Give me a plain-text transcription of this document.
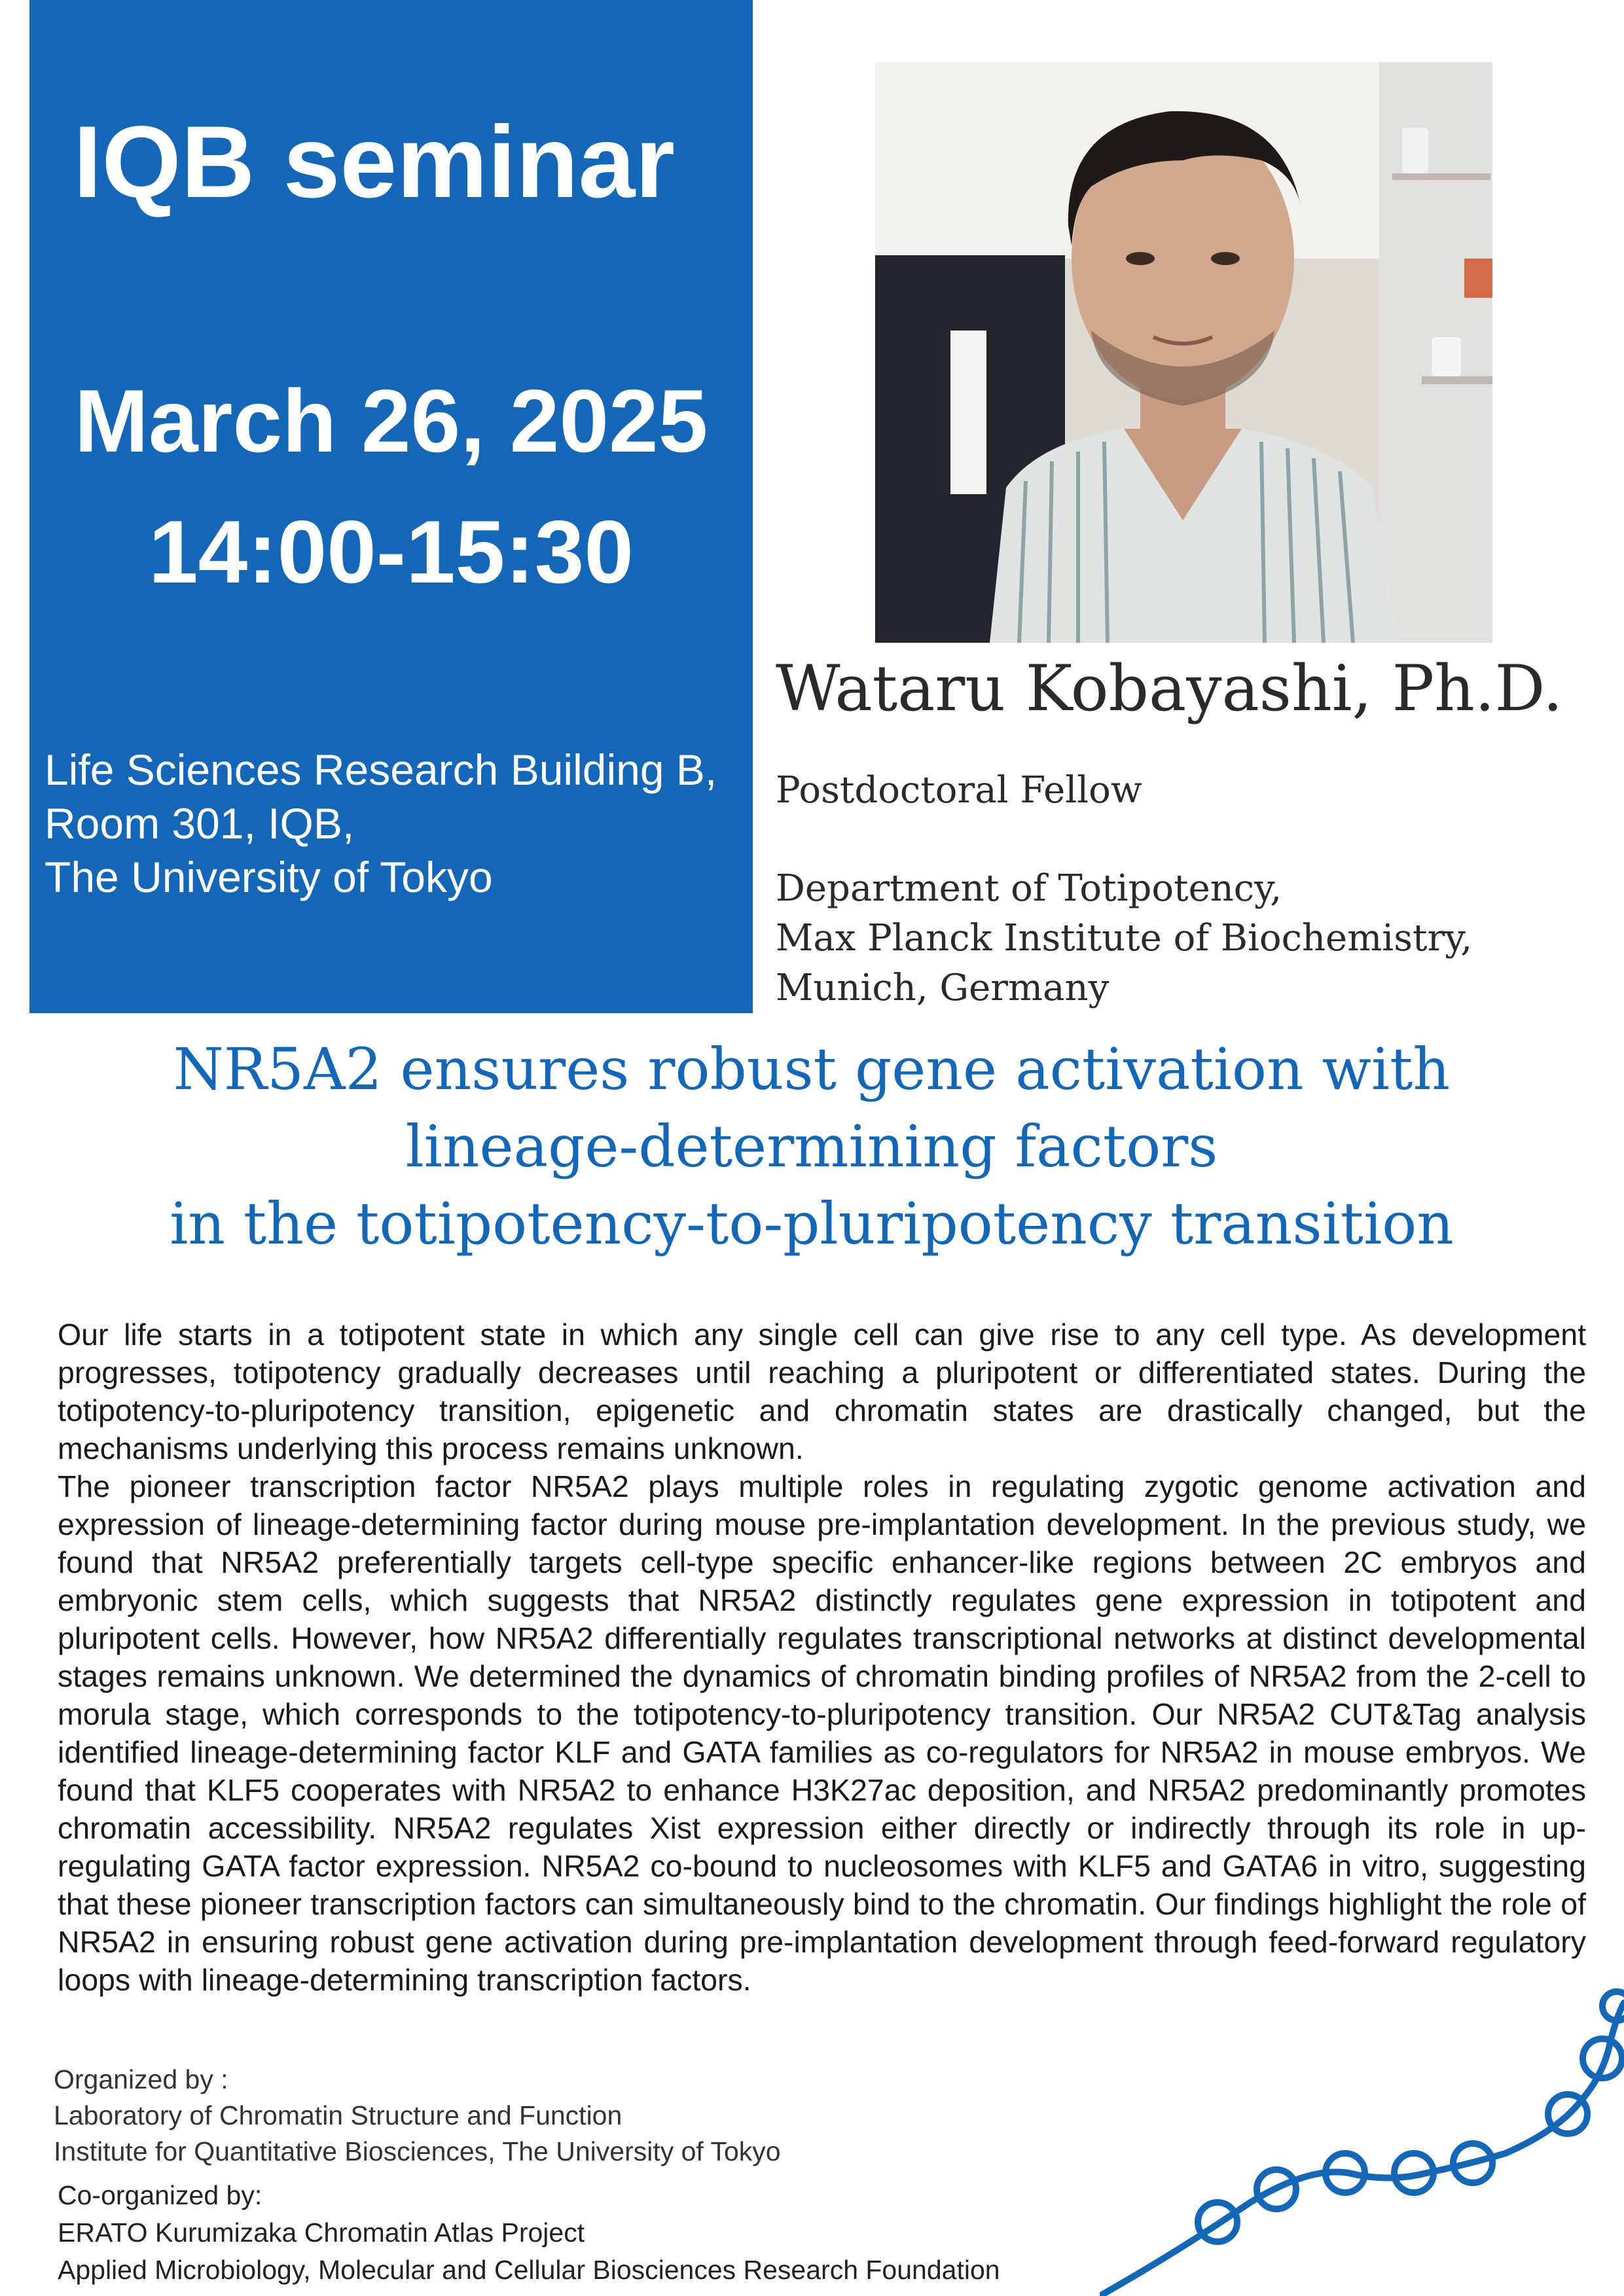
IQB seminar
March 26, 2025
14:00-15:30
Life Sciences Research Building B,
Room 301, IQB,
The University of Tokyo
Wataru Kobayashi, Ph.D.
Postdoctoral Fellow
Department of Totipotency,
Max Planck Institute of Biochemistry,
Munich, Germany
NR5A2 ensures robust gene activation with
lineage-determining factors
in the totipotency-to-pluripotency transition

Our life starts in a totipotent state in which any single cell can give rise to any cell type. As development progresses, totipotency gradually decreases until reaching a pluripotent or differentiated states. During the totipotency-to-pluripotency transition, epigenetic and chromatin states are drastically changed, but the mechanisms underlying this process remains unknown.

The pioneer transcription factor NR5A2 plays multiple roles in regulating zygotic genome activation and expression of lineage-determining factor during mouse pre-implantation development. In the previous study, we found that NR5A2 preferentially targets cell-type specific enhancer-like regions between 2C embryos and embryonic stem cells, which suggests that NR5A2 distinctly regulates gene expression in totipotent and pluripotent cells. However, how NR5A2 differentially regulates transcriptional networks at distinct developmental stages remains unknown. We determined the dynamics of chromatin binding profiles of NR5A2 from the 2-cell to morula stage, which corresponds to the totipotency-to-pluripotency transition. Our NR5A2 CUT&Tag analysis identified lineage-determining factor KLF and GATA families as co-regulators for NR5A2 in mouse embryos. We found that KLF5 cooperates with NR5A2 to enhance H3K27ac deposition, and NR5A2 predominantly promotes chromatin accessibility. NR5A2 regulates Xist expression either directly or indirectly through its role in up-regulating GATA factor expression. NR5A2 co-bound to nucleosomes with KLF5 and GATA6 in vitro, suggesting that these pioneer transcription factors can simultaneously bind to the chromatin. Our findings highlight the role of NR5A2 in ensuring robust gene activation during pre-implantation development through feed-forward regulatory loops with lineage-determining transcription factors.

Organized by :
Laboratory of Chromatin Structure and Function
Institute for Quantitative Biosciences, The University of Tokyo
Co-organized by:
ERATO Kurumizaka Chromatin Atlas Project
Applied Microbiology, Molecular and Cellular Biosciences Research Foundation
